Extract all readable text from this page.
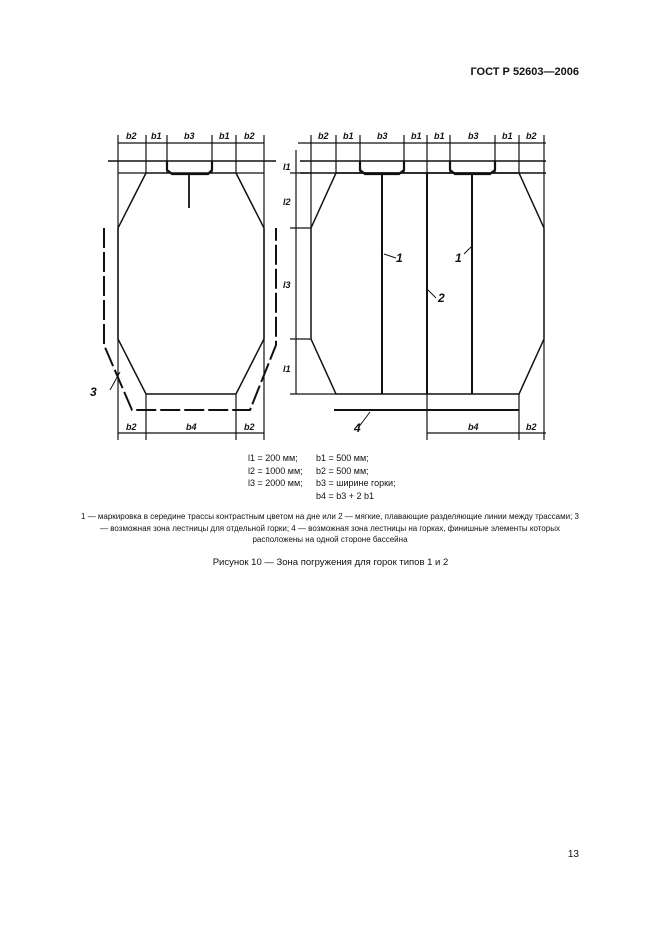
ГОСТ Р 52603—2006
b2 b1 b3	b1 b2	b2 b1	b3	b1 b1	b3	b1 b2
b2	b4	b2	b4	b2
l1
l2
l3
l1
1	1
2
3
4
l1 = 200 мм;	b1 = 500 мм;
l2 = 1000 мм;	b2 = 500 мм;
l3 = 2000 мм;	b3 = ширине горки;
b4 = b3 + 2 b1
1 — маркировка в середине трассы контрастным цветом на дне или 2 — мягкие, плавающие разделяющие линии между трассами; 3 — возможная зона лестницы для отдельной горки; 4 — возможная зона лестницы на горках, финишные элементы которых расположены на одной стороне бассейна
Рисунок 10 — Зона погружения для горок типов 1 и 2
13
